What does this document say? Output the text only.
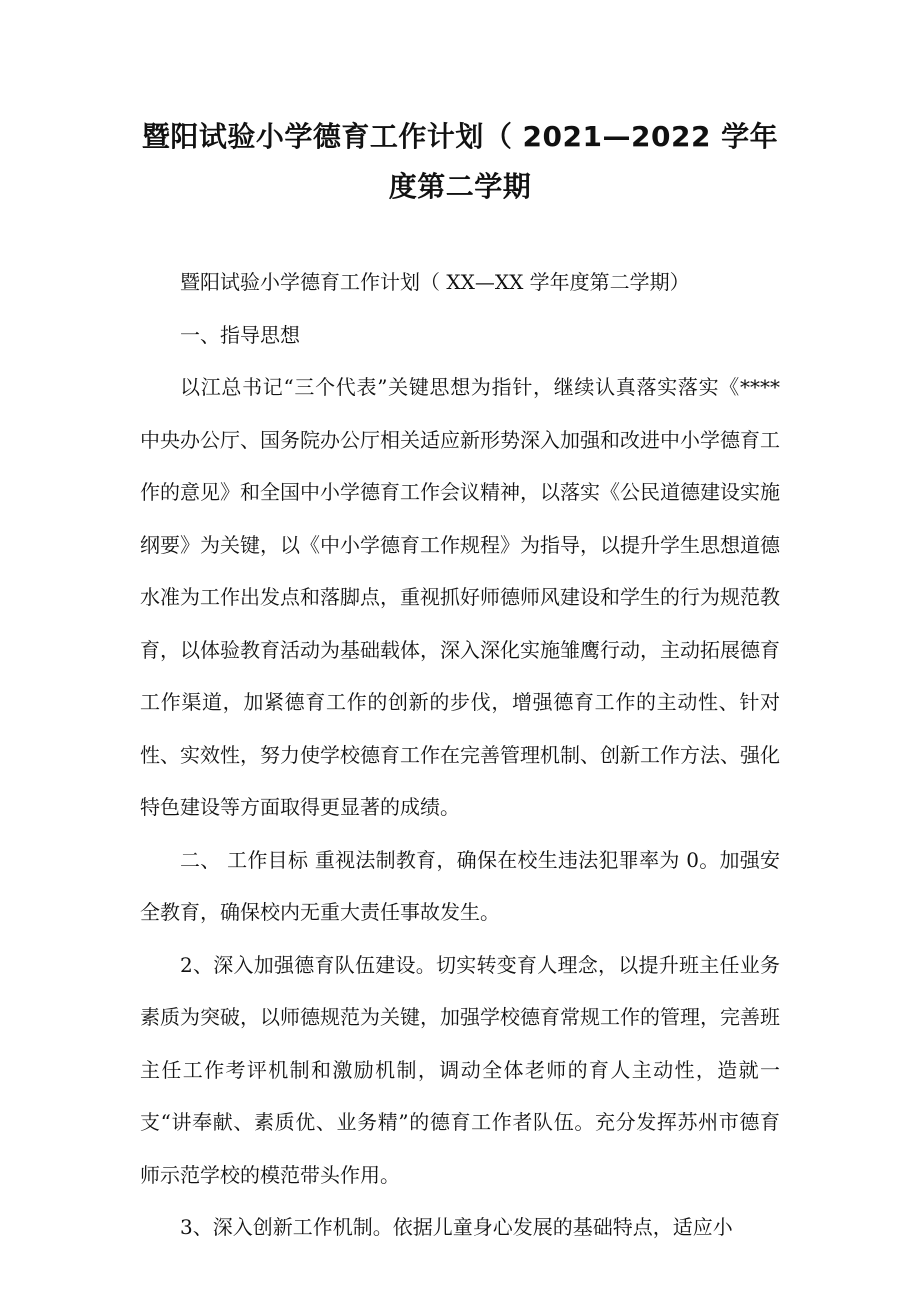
暨阳试验小学德育工作计划（ 2021—2022 学年度第二学期

暨阳试验小学德育工作计划（ XX—XX 学年度第二学期）

一、指导思想

以江总书记“三个代表”关键思想为指针，继续认真落实落实《****中央办公厅、国务院办公厅相关适应新形势深入加强和改进中小学德育工作的意见》和全国中小学德育工作会议精神，以落实《公民道德建设实施纲要》为关键，以《中小学德育工作规程》为指导，以提升学生思想道德水准为工作出发点和落脚点，重视抓好师德师风建设和学生的行为规范教育，以体验教育活动为基础载体，深入深化实施雏鹰行动，主动拓展德育工作渠道，加紧德育工作的创新的步伐，增强德育工作的主动性、针对性、实效性，努力使学校德育工作在完善管理机制、创新工作方法、强化特色建设等方面取得更显著的成绩。

二、 工作目标 重视法制教育，确保在校生违法犯罪率为 0。加强安全教育，确保校内无重大责任事故发生。

2、深入加强德育队伍建设。切实转变育人理念，以提升班主任业务素质为突破，以师德规范为关键，加强学校德育常规工作的管理，完善班主任工作考评机制和激励机制，调动全体老师的育人主动性，造就一支“讲奉献、素质优、业务精”的德育工作者队伍。充分发挥苏州市德育师示范学校的模范带头作用。

3、深入创新工作机制。依据儿童身心发展的基础特点，适应小
